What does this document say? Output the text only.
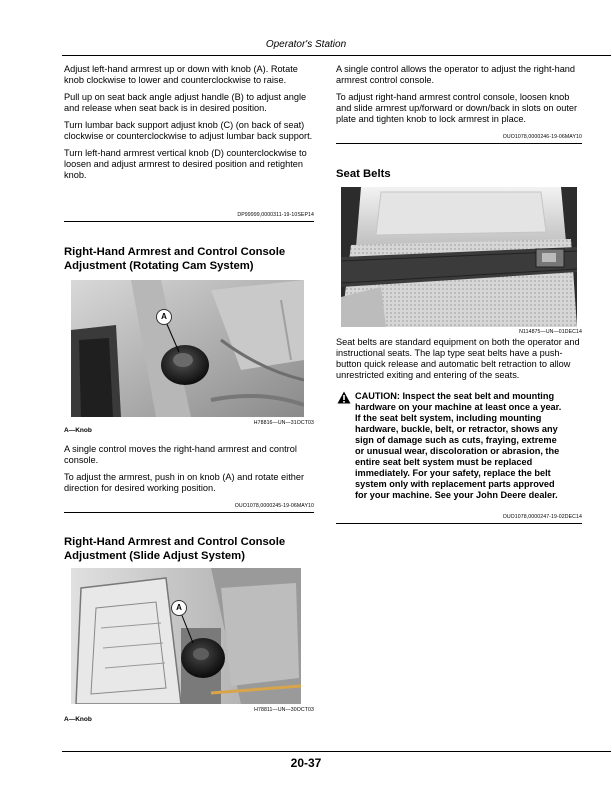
Operator's Station

Adjust left-hand armrest up or down with knob (A). Rotate knob clockwise to lower and counterclockwise to raise.

Pull up on seat back angle adjust handle (B) to adjust angle and release when seat back is in desired position.

Turn lumbar back support adjust knob (C) (on back of seat) clockwise or counterclockwise to adjust lumbar back support.

Turn left-hand armrest vertical knob (D) counterclockwise to loosen and adjust armrest to desired position and retighten knob.

DP99999,0000311-19-10SEP14

Right-Hand Armrest and Control Console

Adjustment (Rotating Cam System)

A
H78816—UN—31OCT03
A—Knob

A single control moves the right-hand armrest and control console.

To adjust the armrest, push in on knob (A) and rotate either direction for desired working position.

OUO1078,0000245-19-06MAY10

Right-Hand Armrest and Control Console

Adjustment (Slide Adjust System)

A
H78811—UN—30OCT03
A—Knob

A single control allows the operator to adjust the right-hand armrest control console.

To adjust right-hand armrest control console, loosen knob and slide armrest up/forward or down/back in slots on outer plate and tighten knob to lock armrest in place.

OUO1078,0000246-19-06MAY10
Seat Belts
N114875—UN—01DEC14

Seat belts are standard equipment on both the operator and instructional seats. The lap type seat belts have a push-button quick release and automatic belt retraction to allow unrestricted exiting and entering of the seats.

CAUTION: Inspect the seat belt and mounting

hardware on your machine at least once a year.

If the seat belt system, including mounting

hardware, buckle, belt, or retractor, shows any

sign of damage such as cuts, fraying, extreme

or unusual wear, discoloration or abrasion, the

entire seat belt system must be replaced

immediately. For your safety, replace the belt

system only with replacement parts approved

for your machine. See your John Deere dealer.

OUO1078,0000247-19-02DEC14
20-37
